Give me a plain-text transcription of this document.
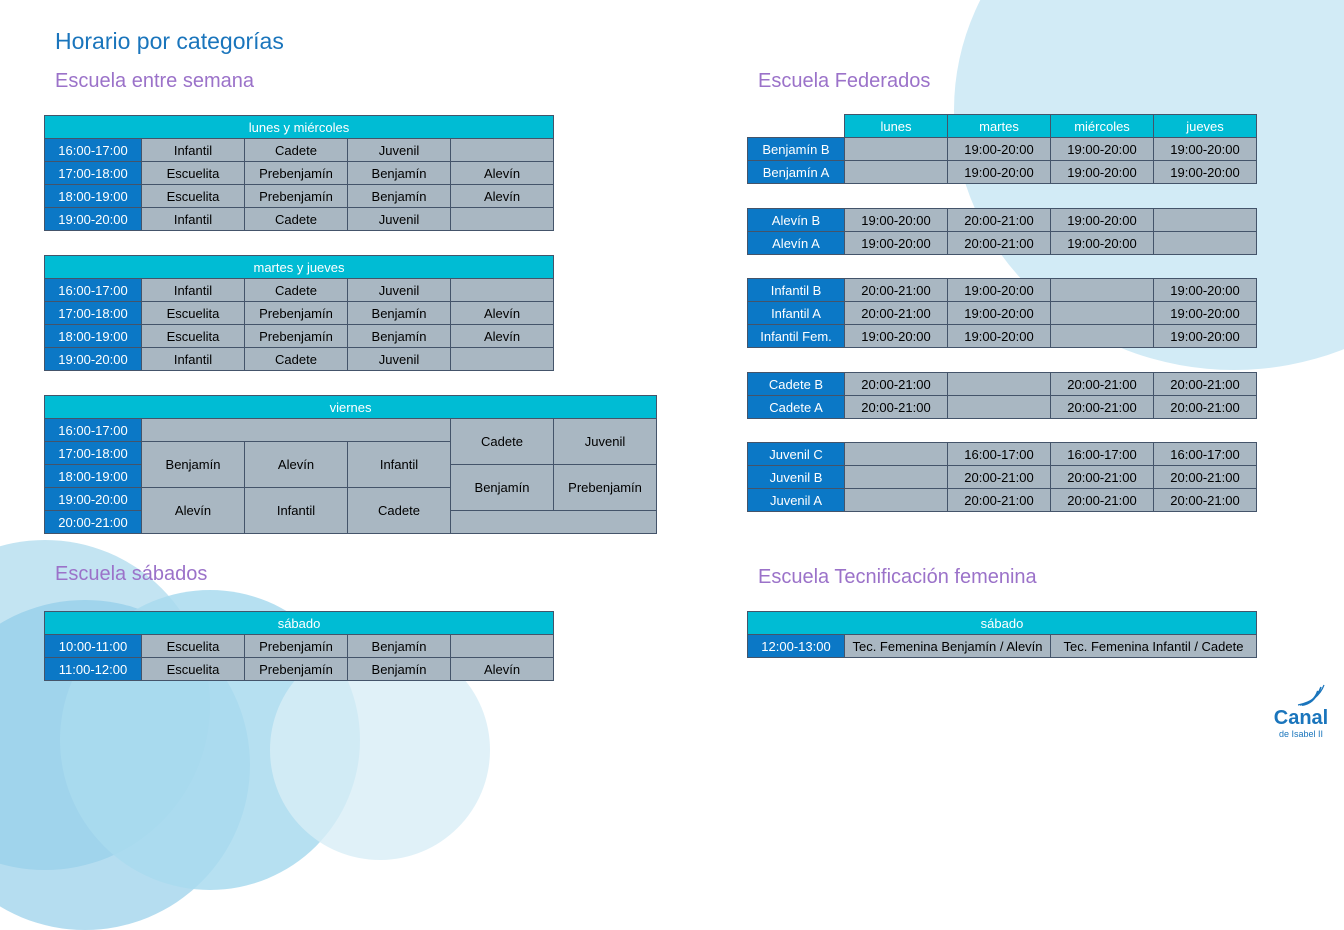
Horario por categorías
Escuela entre semana	Escuela Federados
Escuela sábados	Escuela Tecnificación femenina
lunes y miércoles				
16:00-17:00	Infantil	Cadete	Juvenil	
17:00-18:00	Escuelita	Prebenjamín	Benjamín	Alevín
18:00-19:00	Escuelita	Prebenjamín	Benjamín	Alevín
19:00-20:00	Infantil	Cadete	Juvenil	
martes y jueves				
16:00-17:00	Infantil	Cadete	Juvenil	
17:00-18:00	Escuelita	Prebenjamín	Benjamín	Alevín
18:00-19:00	Escuelita	Prebenjamín	Benjamín	Alevín
19:00-20:00	Infantil	Cadete	Juvenil	
viernes					
16:00-17:00				Cadete	Juvenil
17:00-18:00	Benjamín	Alevín	Infantil		
18:00-19:00				Benjamín	Prebenjamín
19:00-20:00	Alevín	Infantil	Cadete		
20:00-21:00					
sábado				
10:00-11:00	Escuelita	Prebenjamín	Benjamín	
11:00-12:00	Escuelita	Prebenjamín	Benjamín	Alevín
	lunes	martes	miércoles	jueves
Benjamín B		19:00-20:00	19:00-20:00	19:00-20:00
Benjamín A		19:00-20:00	19:00-20:00	19:00-20:00
Alevín B	19:00-20:00	20:00-21:00	19:00-20:00	
Alevín A	19:00-20:00	20:00-21:00	19:00-20:00	
Infantil B	20:00-21:00	19:00-20:00		19:00-20:00
Infantil A	20:00-21:00	19:00-20:00		19:00-20:00
Infantil Fem.	19:00-20:00	19:00-20:00		19:00-20:00
Cadete B	20:00-21:00		20:00-21:00	20:00-21:00
Cadete A	20:00-21:00		20:00-21:00	20:00-21:00
Juvenil C		16:00-17:00	16:00-17:00	16:00-17:00
Juvenil B		20:00-21:00	20:00-21:00	20:00-21:00
Juvenil A		20:00-21:00	20:00-21:00	20:00-21:00
sábado
12:00-13:00	Tec. Femenina Benjamín / Alevín	Tec. Femenina Infantil / Cadete
Canal
de Isabel II
